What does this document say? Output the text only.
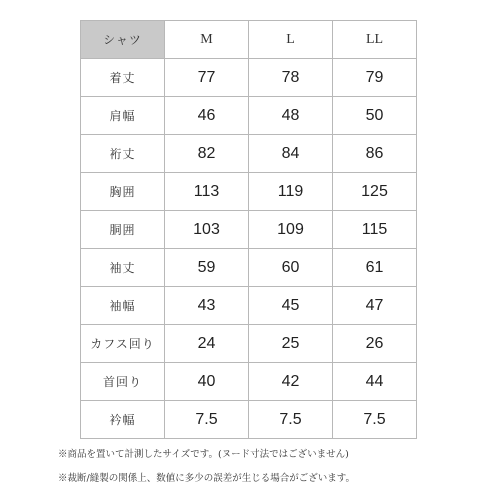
シャツ	M	L	LL
着丈	77	78	79
肩幅	46	48	50
裄丈	82	84	86
胸囲	113	119	125
胴囲	103	109	115
袖丈	59	60	61
袖幅	43	45	47
カフス回り	24	25	26
首回り	40	42	44
衿幅	7.5	7.5	7.5
※商品を置いて計測したサイズです。(ヌード寸法ではございません)
※裁断/縫製の関係上、数値に多少の誤差が生じる場合がございます。
